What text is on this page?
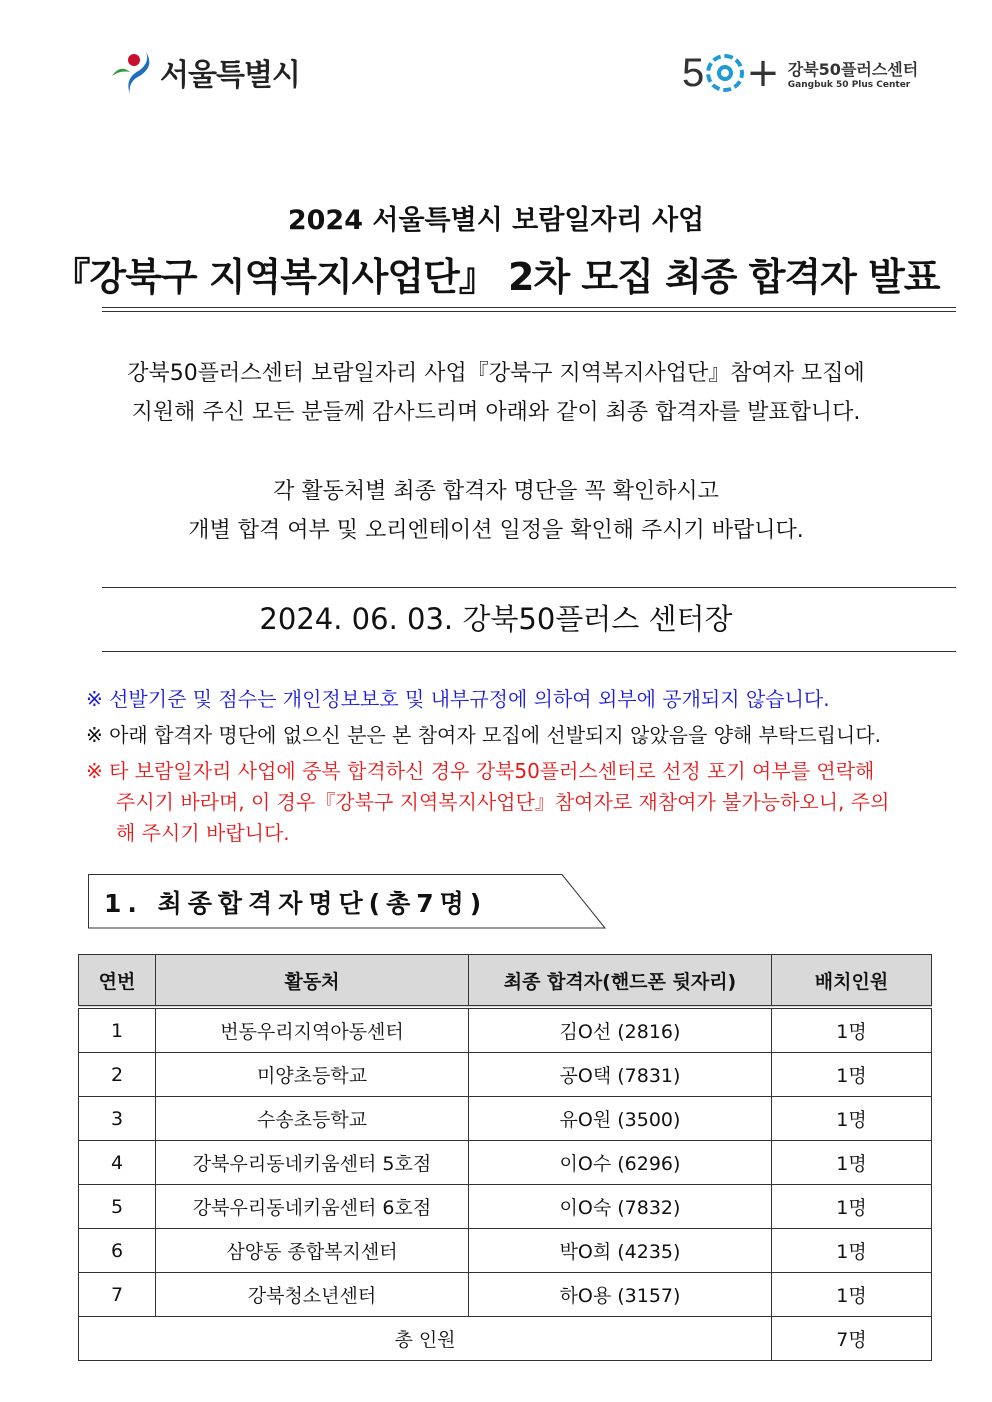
서울특별시	5 + 강북50플러스센터
Gangbuk 50 Plus Center
2024 서울특별시 보람일자리 사업
『강북구 지역복지사업단』 2차 모집 최종 합격자 발표
강북50플러스센터 보람일자리 사업『강북구 지역복지사업단』참여자 모집에
지원해 주신 모든 분들께 감사드리며 아래와 같이 최종 합격자를 발표합니다.
각 활동처별 최종 합격자 명단을 꼭 확인하시고
개별 합격 여부 및 오리엔테이션 일정을 확인해 주시기 바랍니다.
2024. 06. 03. 강북50플러스 센터장
※ 선발기준 및 점수는 개인정보보호 및 내부규정에 의하여 외부에 공개되지 않습니다.
※ 아래 합격자 명단에 없으신 분은 본 참여자 모집에 선발되지 않았음을 양해 부탁드립니다.
※ 타 보람일자리 사업에 중복 합격하신 경우 강북50플러스센터로 선정 포기 여부를 연락해
주시기 바라며, 이 경우『강북구 지역복지사업단』참여자로 재참여가 불가능하오니, 주의
해 주시기 바랍니다.
1. 최종합격자명단(총7명)
연번	활동처	최종 합격자(핸드폰 뒷자리)	배치인원
1	번동우리지역아동센터	김O선 (2816)	1명
2	미양초등학교	공O택 (7831)	1명
3	수송초등학교	유O원 (3500)	1명
4	강북우리동네키움센터 5호점	이O수 (6296)	1명
5	강북우리동네키움센터 6호점	이O숙 (7832)	1명
6	삼양동 종합복지센터	박O희 (4235)	1명
7	강북청소년센터	하O용 (3157)	1명
총 인원			7명
